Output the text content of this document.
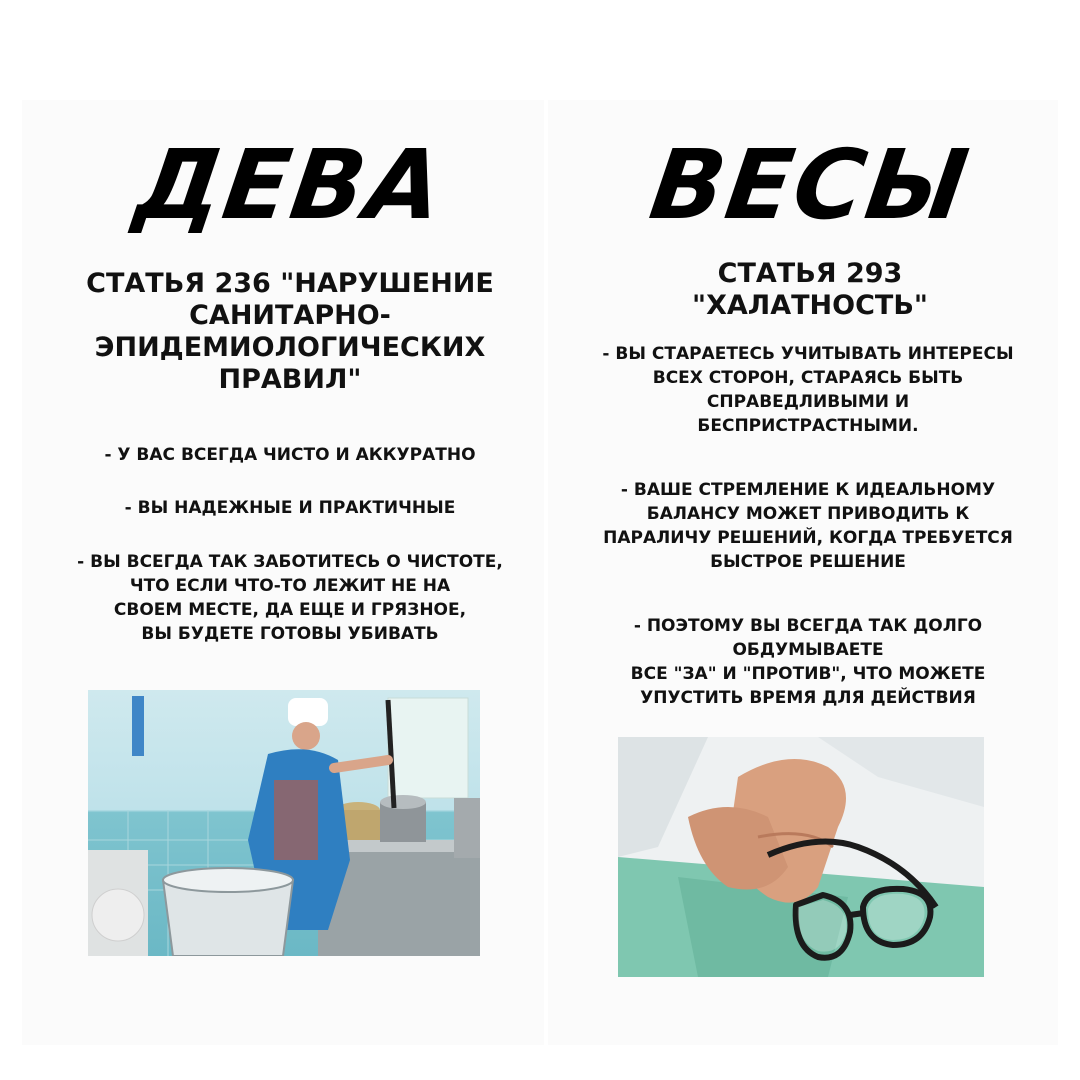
ДЕВА

СТАТЬЯ 236 "НАРУШЕНИЕ
САНИТАРНО-
ЭПИДЕМИОЛОГИЧЕСКИХ
ПРАВИЛ"

- У ВАС ВСЕГДА ЧИСТО И АККУРАТНО

- ВЫ НАДЕЖНЫЕ И ПРАКТИЧНЫЕ

- ВЫ ВСЕГДА ТАК ЗАБОТИТЕСЬ О ЧИСТОТЕ,
ЧТО ЕСЛИ ЧТО-ТО ЛЕЖИТ НЕ НА
СВОЕМ МЕСТЕ, ДА ЕЩЕ И ГРЯЗНОЕ,
ВЫ БУДЕТЕ ГОТОВЫ УБИВАТЬ

ВЕСЫ

СТАТЬЯ 293
"ХАЛАТНОСТЬ"

- ВЫ СТАРАЕТЕСЬ УЧИТЫВАТЬ ИНТЕРЕСЫ
ВСЕХ СТОРОН, СТАРАЯСЬ БЫТЬ
СПРАВЕДЛИВЫМИ И
БЕСПРИСТРАСТНЫМИ.

- ВАШЕ СТРЕМЛЕНИЕ К ИДЕАЛЬНОМУ
БАЛАНСУ МОЖЕТ ПРИВОДИТЬ К
ПАРАЛИЧУ РЕШЕНИЙ, КОГДА ТРЕБУЕТСЯ
БЫСТРОЕ РЕШЕНИЕ

- ПОЭТОМУ ВЫ ВСЕГДА ТАК ДОЛГО
ОБДУМЫВАЕТЕ
ВСЕ "ЗА" И "ПРОТИВ", ЧТО МОЖЕТЕ
УПУСТИТЬ ВРЕМЯ ДЛЯ ДЕЙСТВИЯ
